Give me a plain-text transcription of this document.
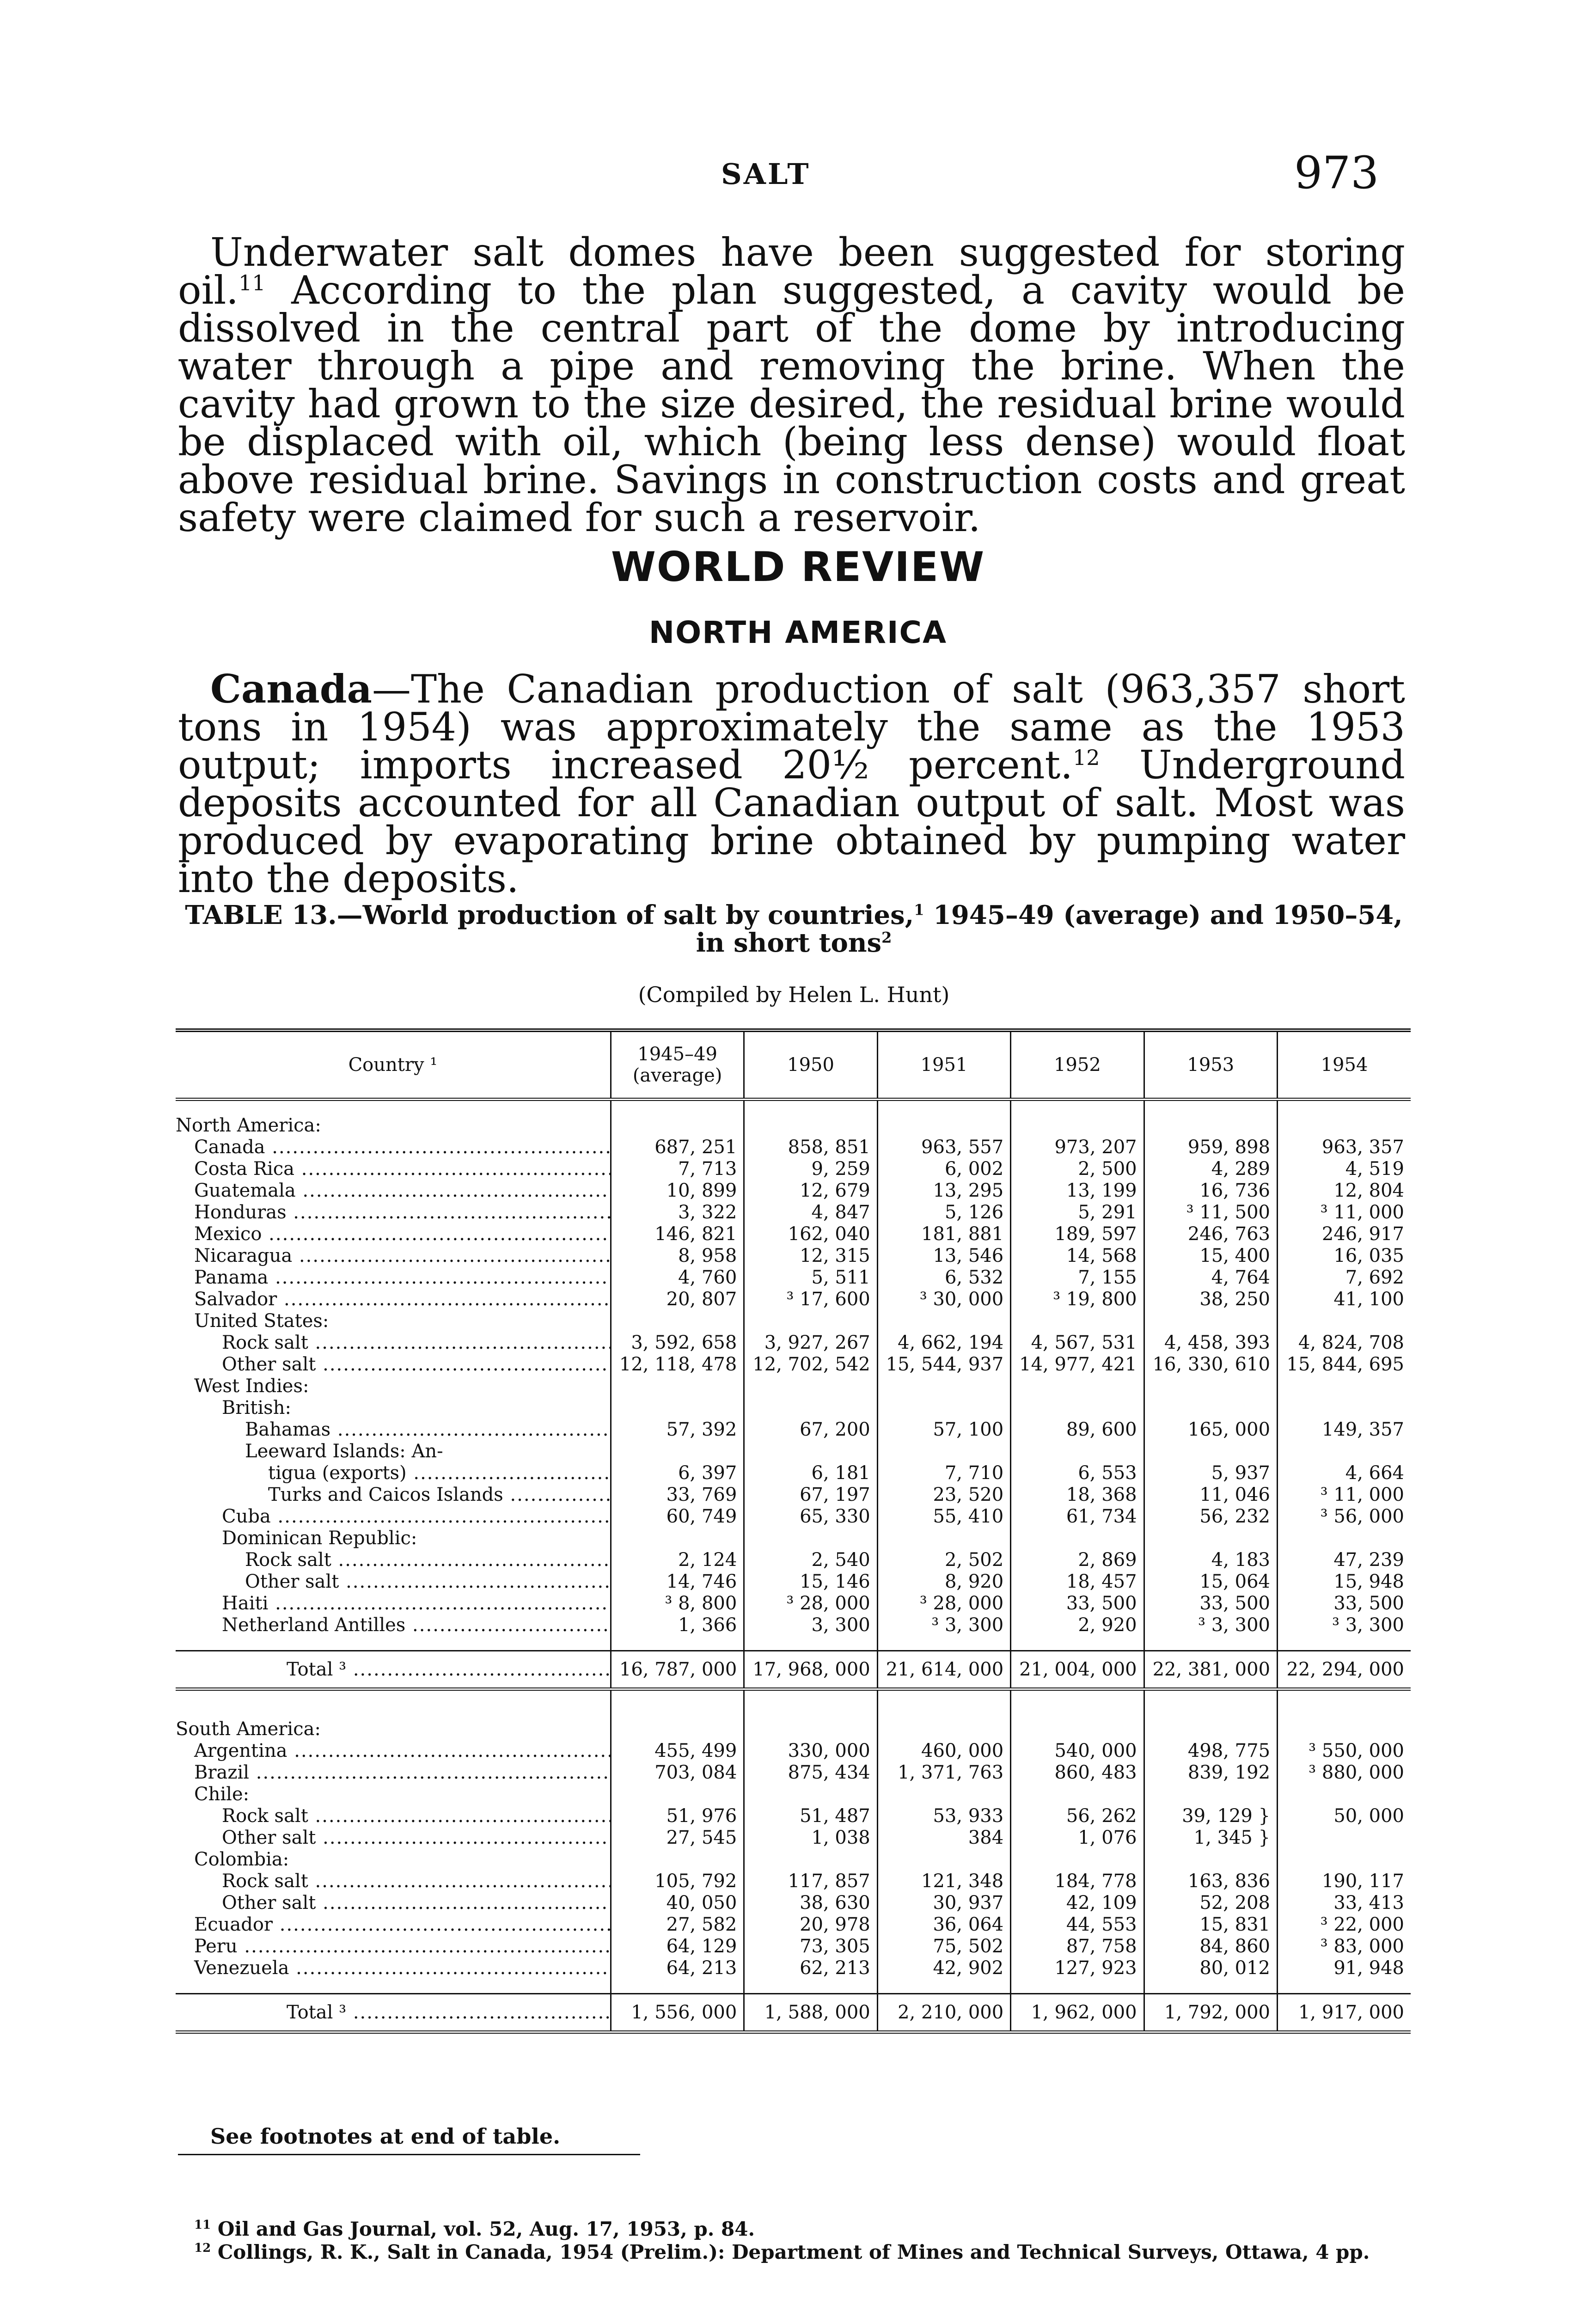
SALT	973

Underwater salt domes have been suggested for storing oil.$^{11}$ According to the plan suggested, a cavity would be dissolved in the central part of the dome by introducing water through a pipe and removing the brine. When the cavity had grown to the size desired, the residual brine would be displaced with oil, which (being less dense) would float above residual brine. Savings in construction costs and great safety were claimed for such a reservoir.

WORLD REVIEW
NORTH AMERICA

Canada—The Canadian production of salt (963,357 short tons in 1954) was approximately the same as the 1953 output; imports increased 20½ percent.$^{12}$ Underground deposits accounted for all Canadian output of salt. Most was produced by evaporating brine obtained by pumping water into the deposits.

TABLE 13.—World production of salt by countries,$^1$ 1945–49 (average) and 1950–54, in short tons$^2$
(Compiled by Helen L. Hunt)
Country ¹	1945–49 (average)	1950	1951	1952	1953	1954

North America:						
Canada .....	687, 251	858, 851	963, 557	973, 207	959, 898	963, 357
Costa Rica .....	7, 713	9, 259	6, 002	2, 500	4, 289	4, 519
Guatemala .....	10, 899	12, 679	13, 295	13, 199	16, 736	12, 804
Honduras .....	3, 322	4, 847	5, 126	5, 291	³ 11, 500	³ 11, 000
Mexico .....	146, 821	162, 040	181, 881	189, 597	246, 763	246, 917
Nicaragua .....	8, 958	12, 315	13, 546	14, 568	15, 400	16, 035
Panama .....	4, 760	5, 511	6, 532	7, 155	4, 764	7, 692
Salvador .....	20, 807	³ 17, 600	³ 30, 000	³ 19, 800	38, 250	41, 100
United States:						
Rock salt .....	3, 592, 658	3, 927, 267	4, 662, 194	4, 567, 531	4, 458, 393	4, 824, 708
Other salt .....	12, 118, 478	12, 702, 542	15, 544, 937	14, 977, 421	16, 330, 610	15, 844, 695
West Indies:						
British:						
Bahamas .....	57, 392	67, 200	57, 100	89, 600	165, 000	149, 357
Leeward Islands: An-						
tigua (exports) .....	6, 397	6, 181	7, 710	6, 553	5, 937	4, 664
Turks and Caicos Islands .....	33, 769	67, 197	23, 520	18, 368	11, 046	³ 11, 000
Cuba .....	60, 749	65, 330	55, 410	61, 734	56, 232	³ 56, 000
Dominican Republic:						
Rock salt .....	2, 124	2, 540	2, 502	2, 869	4, 183	47, 239
Other salt .....	14, 746	15, 146	8, 920	18, 457	15, 064	15, 948
Haiti .....	³ 8, 800	³ 28, 000	³ 28, 000	33, 500	33, 500	33, 500
Netherland Antilles .....	1, 366	3, 300	³ 3, 300	2, 920	³ 3, 300	³ 3, 300

Total ³ .....	16, 787, 000	17, 968, 000	21, 614, 000	21, 004, 000	22, 381, 000	22, 294, 000

South America:						
Argentina .....	455, 499	330, 000	460, 000	540, 000	498, 775	³ 550, 000
Brazil .....	703, 084	875, 434	1, 371, 763	860, 483	839, 192	³ 880, 000
Chile:						
Rock salt .....	51, 976	51, 487	53, 933	56, 262	39, 129 }	50, 000
Other salt .....	27, 545	1, 038	384	1, 076	1, 345 }	
Colombia:						
Rock salt .....	105, 792	117, 857	121, 348	184, 778	163, 836	190, 117
Other salt .....	40, 050	38, 630	30, 937	42, 109	52, 208	33, 413
Ecuador .....	27, 582	20, 978	36, 064	44, 553	15, 831	³ 22, 000
Peru .....	64, 129	73, 305	75, 502	87, 758	84, 860	³ 83, 000
Venezuela .....	64, 213	62, 213	42, 902	127, 923	80, 012	91, 948

Total ³ .....	1, 556, 000	1, 588, 000	2, 210, 000	1, 962, 000	1, 792, 000	1, 917, 000
See footnotes at end of table.
$^{11}$ Oil and Gas Journal, vol. 52, Aug. 17, 1953, p. 84.
$^{12}$ Collings, R. K., Salt in Canada, 1954 (Prelim.): Department of Mines and Technical Surveys, Ottawa, 4 pp.
